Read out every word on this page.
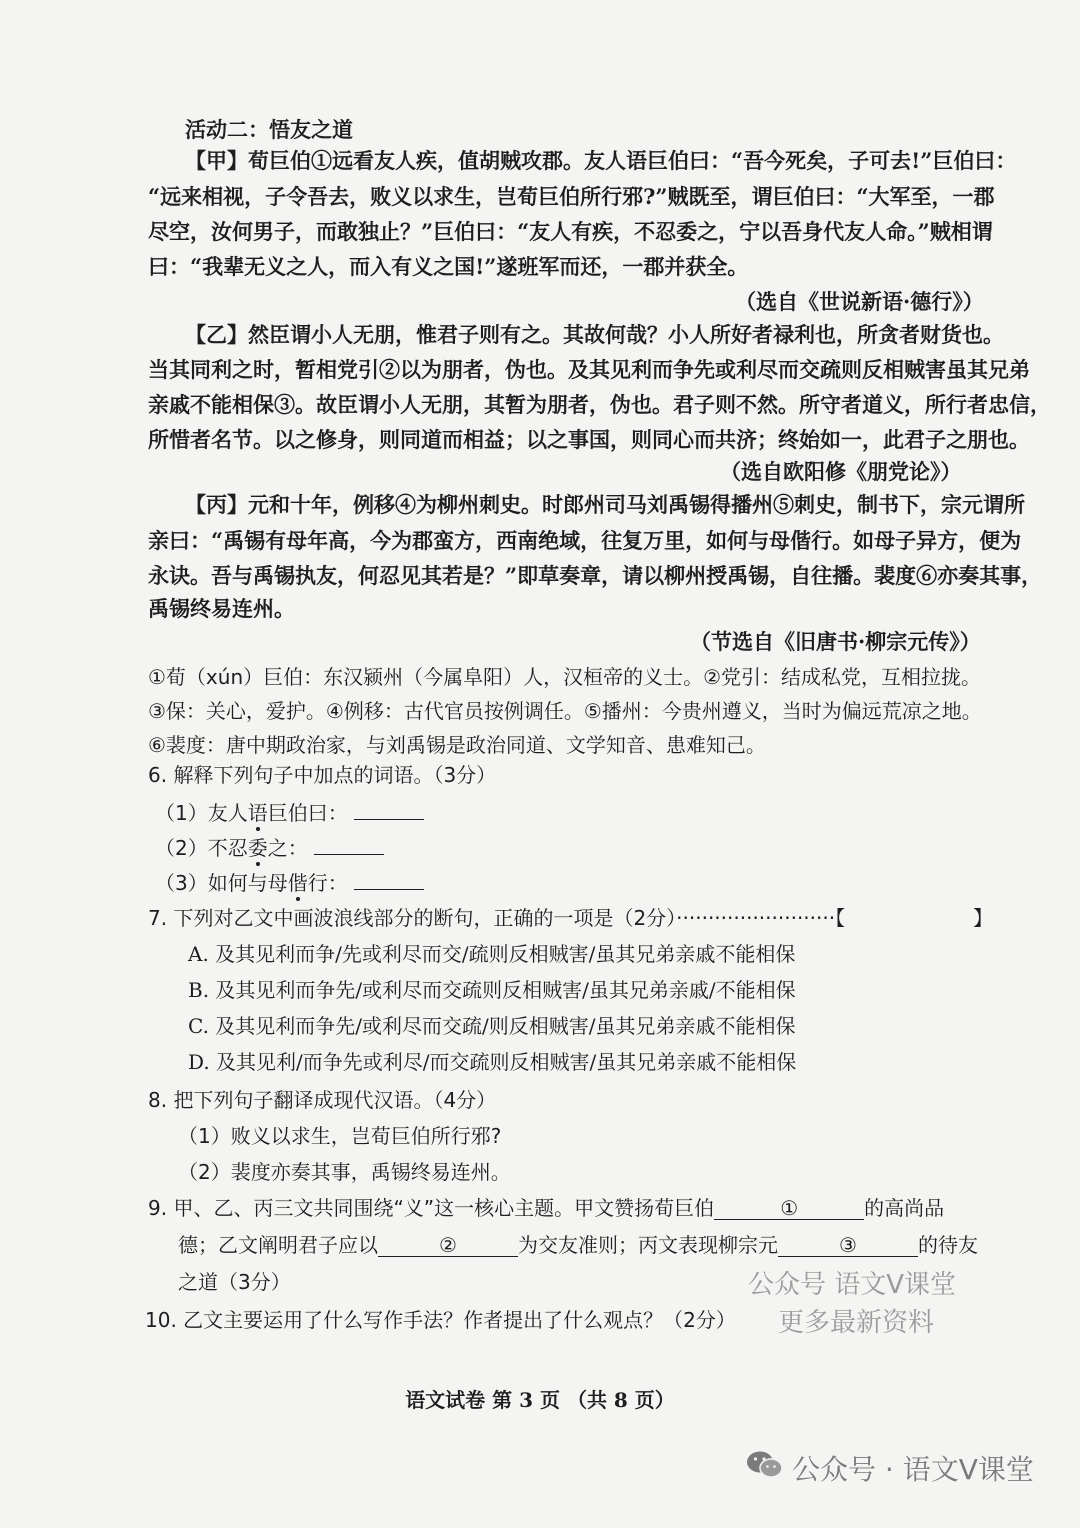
活动二：悟友之道
【甲】荀巨伯①远看友人疾，值胡贼攻郡。友人语巨伯曰：“吾今死矣，子可去!”巨伯曰：
“远来相视，子令吾去，败义以求生，岂荀巨伯所行邪?”贼既至，谓巨伯曰：“大军至，一郡
尽空，汝何男子，而敢独止？”巨伯曰：“友人有疾，不忍委之，宁以吾身代友人命。”贼相谓
曰：“我辈无义之人，而入有义之国!”遂班军而还，一郡并获全。
（选自《世说新语·德行》）
【乙】然臣谓小人无朋，惟君子则有之。其故何哉？小人所好者禄利也，所贪者财货也。
当其同利之时，暂相党引②以为朋者，伪也。及其见利而争先或利尽而交疏则反相贼害虽其兄弟
亲戚不能相保③。故臣谓小人无朋，其暂为朋者，伪也。君子则不然。所守者道义，所行者忠信，
所惜者名节。以之修身，则同道而相益；以之事国，则同心而共济；终始如一，此君子之朋也。
（选自欧阳修《朋党论》）
【丙】元和十年，例移④为柳州刺史。时郎州司马刘禹锡得播州⑤刺史，制书下，宗元谓所
亲曰：“禹锡有母年高，今为郡蛮方，西南绝域，往复万里，如何与母偕行。如母子异方，便为
永诀。吾与禹锡执友，何忍见其若是？”即草奏章，请以柳州授禹锡，自往播。裴度⑥亦奏其事，
禹锡终易连州。
（节选自《旧唐书·柳宗元传》）
①荀（xún）巨伯：东汉颍州（今属阜阳）人，汉桓帝的义士。②党引：结成私党，互相拉拢。
③保：关心，爱护。④例移：古代官员按例调任。⑤播州：今贵州遵义，当时为偏远荒凉之地。
⑥裴度：唐中期政治家，与刘禹锡是政治同道、文学知音、患难知己。
6. 解释下列句子中加点的词语。（3分）
（1）友人语巨伯曰：
（2）不忍委之：
（3）如何与母偕行：
7. 下列对乙文中画波浪线部分的断句，正确的一项是（2分）·························【	】
A. 及其见利而争/先或利尽而交/疏则反相贼害/虽其兄弟亲戚不能相保
B. 及其见利而争先/或利尽而交疏则反相贼害/虽其兄弟亲戚/不能相保
C. 及其见利而争先/或利尽而交疏/则反相贼害/虽其兄弟亲戚不能相保
D. 及其见利/而争先或利尽/而交疏则反相贼害/虽其兄弟亲戚不能相保
8. 把下列句子翻译成现代汉语。（4分）
（1）败义以求生，岂荀巨伯所行邪?
（2）裴度亦奏其事，禹锡终易连州。
9. 甲、乙、丙三文共同围绕“义”这一核心主题。甲文赞扬荀巨伯	①	的高尚品
德；乙文阐明君子应以	②	为交友准则；丙文表现柳宗元	③	的待友
之道（3分）
10. 乙文主要运用了什么写作手法？作者提出了什么观点？（2分）
公众号 语文V课堂
更多最新资料
语文试卷 第 3 页 （共 8 页）
公众号 · 语文V课堂
